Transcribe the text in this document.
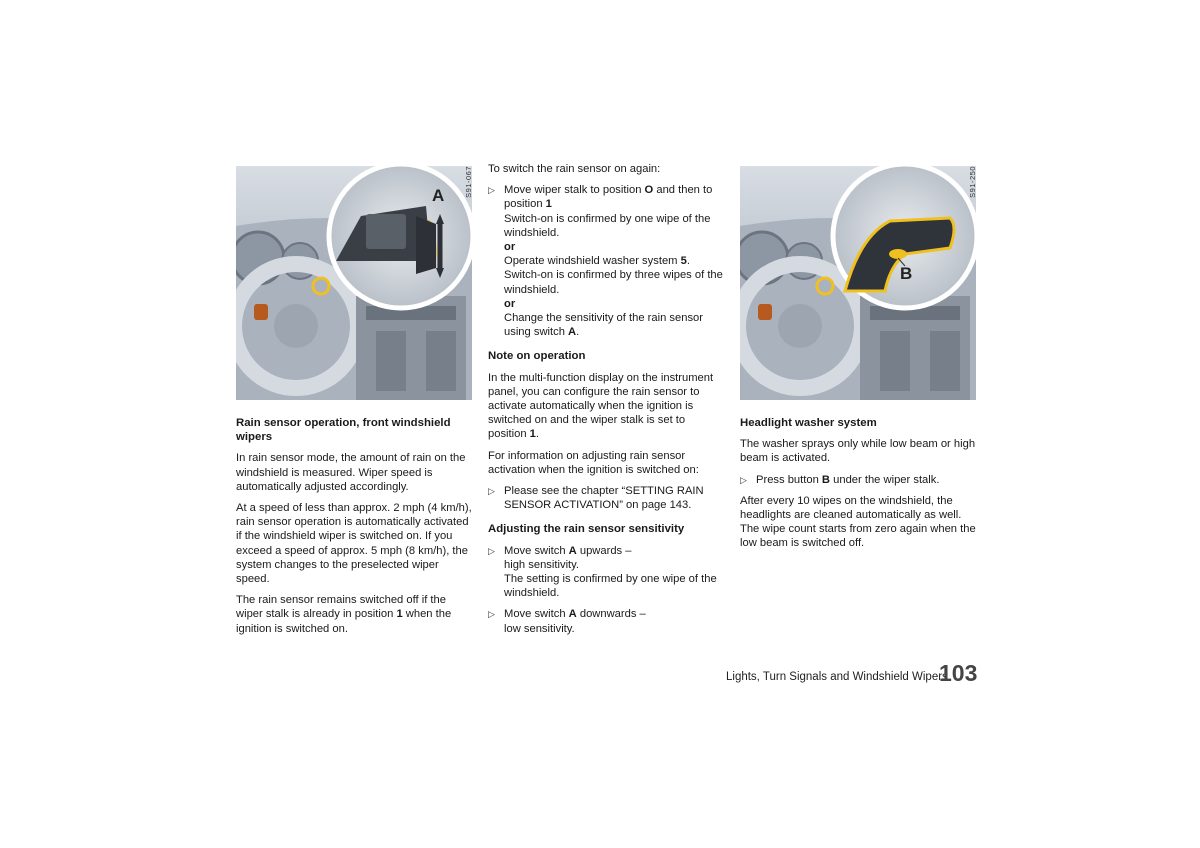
A	S91-067
B
S91-250
Rain sensor operation, front windshield wipers

In rain sensor mode, the amount of rain on the windshield is measured. Wiper speed is automatically adjusted accordingly.

At a speed of less than approx. 2 mph (4 km/h), rain sensor operation is automatically activated if the windshield wiper is switched on. If you exceed a speed of approx. 5 mph (8 km/h), the system changes to the preselected wiper speed.

The rain sensor remains switched off if the wiper stalk is already in position 1 when the ignition is switched on.

To switch the rain sensor on again:

▷ Move wiper stalk to position O and then to position 1
Switch-on is confirmed by one wipe of the windshield.
or
Operate windshield washer system 5.
Switch-on is confirmed by three wipes of the windshield.
or
Change the sensitivity of the rain sensor using switch A.
Note on operation

In the multi-function display on the instrument panel, you can configure the rain sensor to activate automatically when the ignition is switched on and the wiper stalk is set to position 1.

For information on adjusting rain sensor activation when the ignition is switched on:

▷ Please see the chapter “SETTING RAIN SENSOR ACTIVATION” on page 143.
Adjusting the rain sensor sensitivity
▷ Move switch A upwards –
high sensitivity.
The setting is confirmed by one wipe of the windshield.
▷ Move switch A downwards –
low sensitivity.
Headlight washer system

The washer sprays only while low beam or high beam is activated.

▷ Press button B under the wiper stalk.

After every 10 wipes on the windshield, the headlights are cleaned automatically as well. The wipe count starts from zero again when the low beam is switched off.

Lights, Turn Signals and Windshield Wipers
103
